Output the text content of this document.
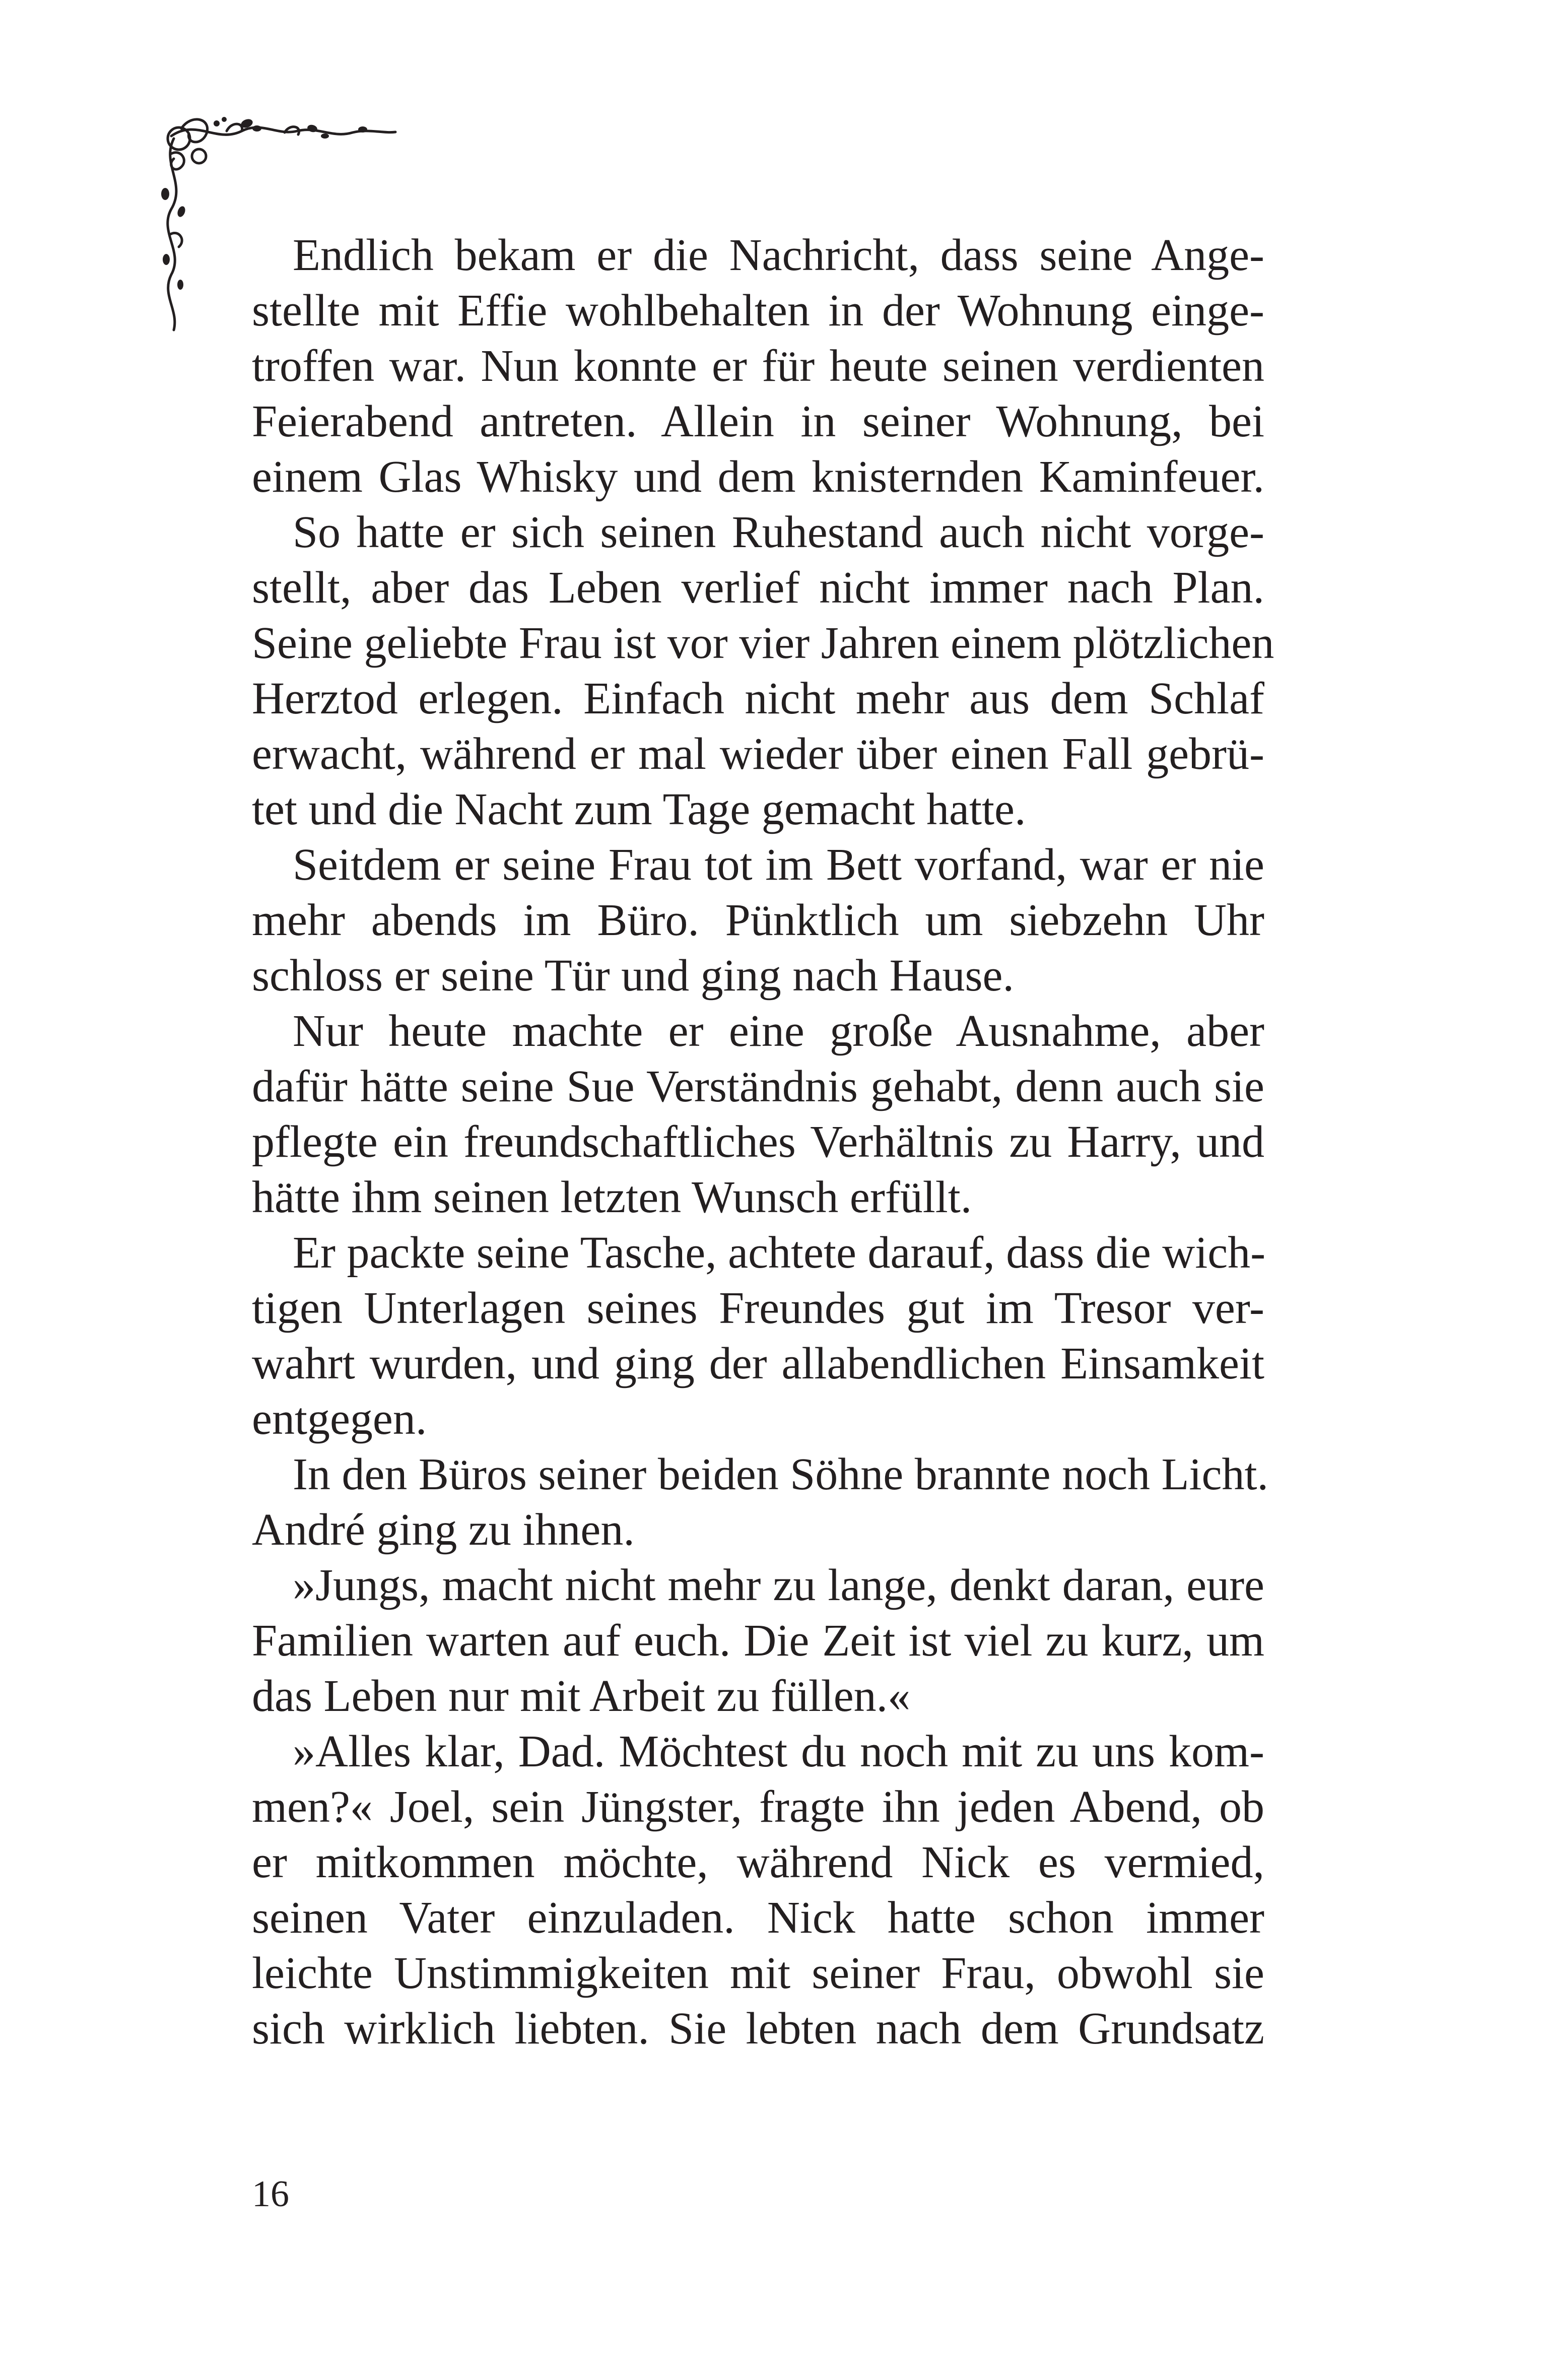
Endlich bekam er die Nachricht, dass seine Ange-
stellte mit Effie wohlbehalten in der Wohnung einge-
troffen war. Nun konnte er für heute seinen verdienten
Feierabend antreten. Allein in seiner Wohnung, bei
einem Glas Whisky und dem knisternden Kaminfeuer.

So hatte er sich seinen Ruhestand auch nicht vorge-
stellt, aber das Leben verlief nicht immer nach Plan.
Seine geliebte Frau ist vor vier Jahren einem plötzlichen
Herztod erlegen. Einfach nicht mehr aus dem Schlaf
erwacht, während er mal wieder über einen Fall gebrü-
tet und die Nacht zum Tage gemacht hatte.

Seitdem er seine Frau tot im Bett vorfand, war er nie
mehr abends im Büro. Pünktlich um siebzehn Uhr
schloss er seine Tür und ging nach Hause.

Nur heute machte er eine große Ausnahme, aber
dafür hätte seine Sue Verständnis gehabt, denn auch sie
pflegte ein freundschaftliches Verhältnis zu Harry, und
hätte ihm seinen letzten Wunsch erfüllt.

Er packte seine Tasche, achtete darauf, dass die wich-
tigen Unterlagen seines Freundes gut im Tresor ver-
wahrt wurden, und ging der allabendlichen Einsamkeit
entgegen.

In den Büros seiner beiden Söhne brannte noch Licht.
André ging zu ihnen.

»Jungs, macht nicht mehr zu lange, denkt daran, eure
Familien warten auf euch. Die Zeit ist viel zu kurz, um
das Leben nur mit Arbeit zu füllen.«

»Alles klar, Dad. Möchtest du noch mit zu uns kom-
men?« Joel, sein Jüngster, fragte ihn jeden Abend, ob
er mitkommen möchte, während Nick es vermied,
seinen Vater einzuladen. Nick hatte schon immer
leichte Unstimmigkeiten mit seiner Frau, obwohl sie
sich wirklich liebten. Sie lebten nach dem Grundsatz

16
